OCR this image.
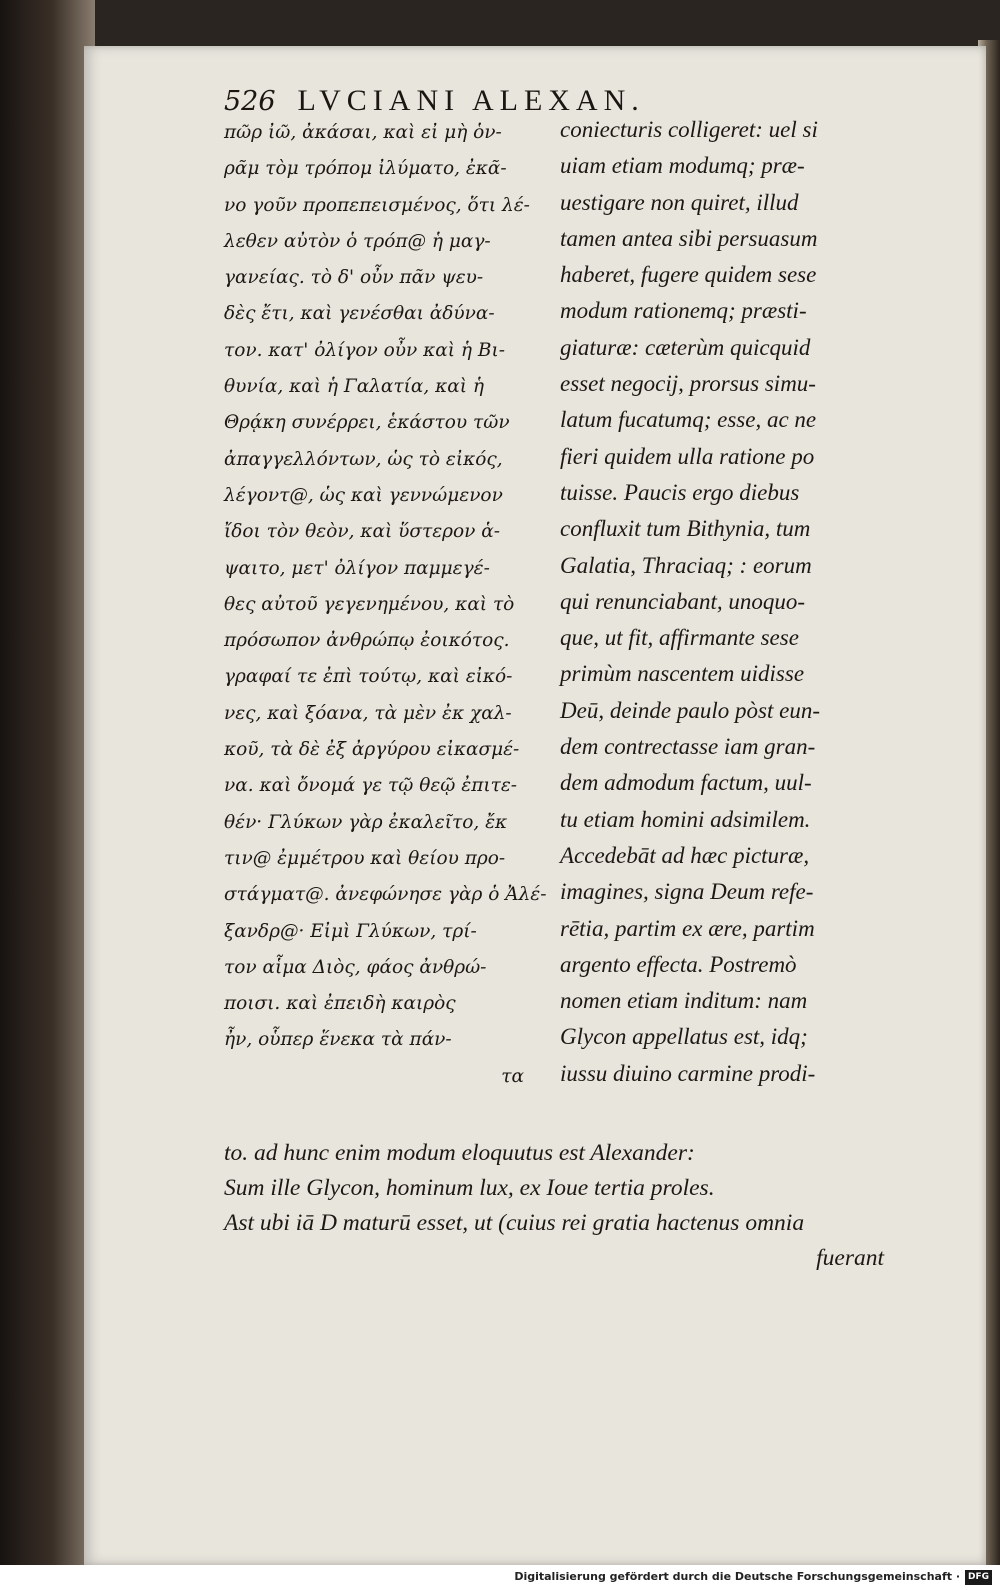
526 LVCIANI ALEXAN.
πῶρ ἰῶ, ἀκάσαι, καὶ εἰ μὴ ὁν-
ρᾶμ τὸμ τρόπομ ἰλύματο, ἐκᾶ-
νο γοῦν προπεπεισμένος, ὅτι λέ-
λεθεν αὐτὸν ὁ τρόπ@ ἡ μαγ-
γανείας. τὸ δ' οὖν πᾶν ψευ-
δὲς ἔτι, καὶ γενέσθαι ἀδύνα-
τον. κατ' ὀλίγον οὖν καὶ ἡ Βι-
θυνία, καὶ ἡ Γαλατία, καὶ ἡ
Θρᾴκη συνέρρει, ἑκάστου τῶν
ἀπαγγελλόντων, ὡς τὸ εἰκός,
λέγοντ@, ὡς καὶ γεννώμενον
ἴδοι τὸν θεὸν, καὶ ὕστερον ἁ-
ψαιτο, μετ' ὀλίγον παμμεγέ-
θες αὐτοῦ γεγενημένου, καὶ τὸ
πρόσωπον ἀνθρώπῳ ἐοικότος.
γραφαί τε ἐπὶ τούτῳ, καὶ εἰκό-
νες, καὶ ξόανα, τὰ μὲν ἐκ χαλ-
κοῦ, τὰ δὲ ἐξ ἀργύρου εἰκασμέ-
να. καὶ ὄνομά γε τῷ θεῷ ἐπιτε-
θέν· Γλύκων γὰρ ἐκαλεῖτο, ἔκ
τιν@ ἐμμέτρου καὶ θείου προ-
στάγματ@. ἀνεφώνησε γὰρ ὁ Ἀλέ-
ξανδρ@· Εἰμὶ Γλύκων, τρί-
τον αἷμα Διὸς, φάος ἀνθρώ-
ποισι. καὶ ἐπειδὴ καιρὸς
ἦν, οὗπερ ἕνεκα τὰ πάν-
τα
coniecturis colligeret: uel si
uiam etiam modumq; præ-
uestigare non quiret, illud
tamen antea sibi persuasum
haberet, fugere quidem sese
modum rationemq; præsti-
giaturæ: cæterùm quicquid
esset negocij, prorsus simu-
latum fucatumq; esse, ac ne
fieri quidem ulla ratione po
tuisse. Paucis ergo diebus
confluxit tum Bithynia, tum
Galatia, Thraciaq; : eorum
qui renunciabant, unoquo-
que, ut fit, affirmante sese
primùm nascentem uidisse
Deū, deinde paulo pòst eun-
dem contrectasse iam gran-
dem admodum factum, uul-
tu etiam homini adsimilem.
Accedebāt ad hæc picturæ,
imagines, signa Deum refe-
rētia, partim ex ære, partim
argento effecta. Postremò
nomen etiam inditum: nam
Glycon appellatus est, idq;
iussu diuino carmine prodi-
to. ad hunc enim modum eloquutus est Alexander:
Sum ille Glycon, hominum lux, ex Ioue tertia proles.
Ast ubi iā D maturū esset, ut (cuius rei gratia hactenus omnia
fuerant
Digitalisierung gefördert durch die Deutsche Forschungsgemeinschaft · DFG
